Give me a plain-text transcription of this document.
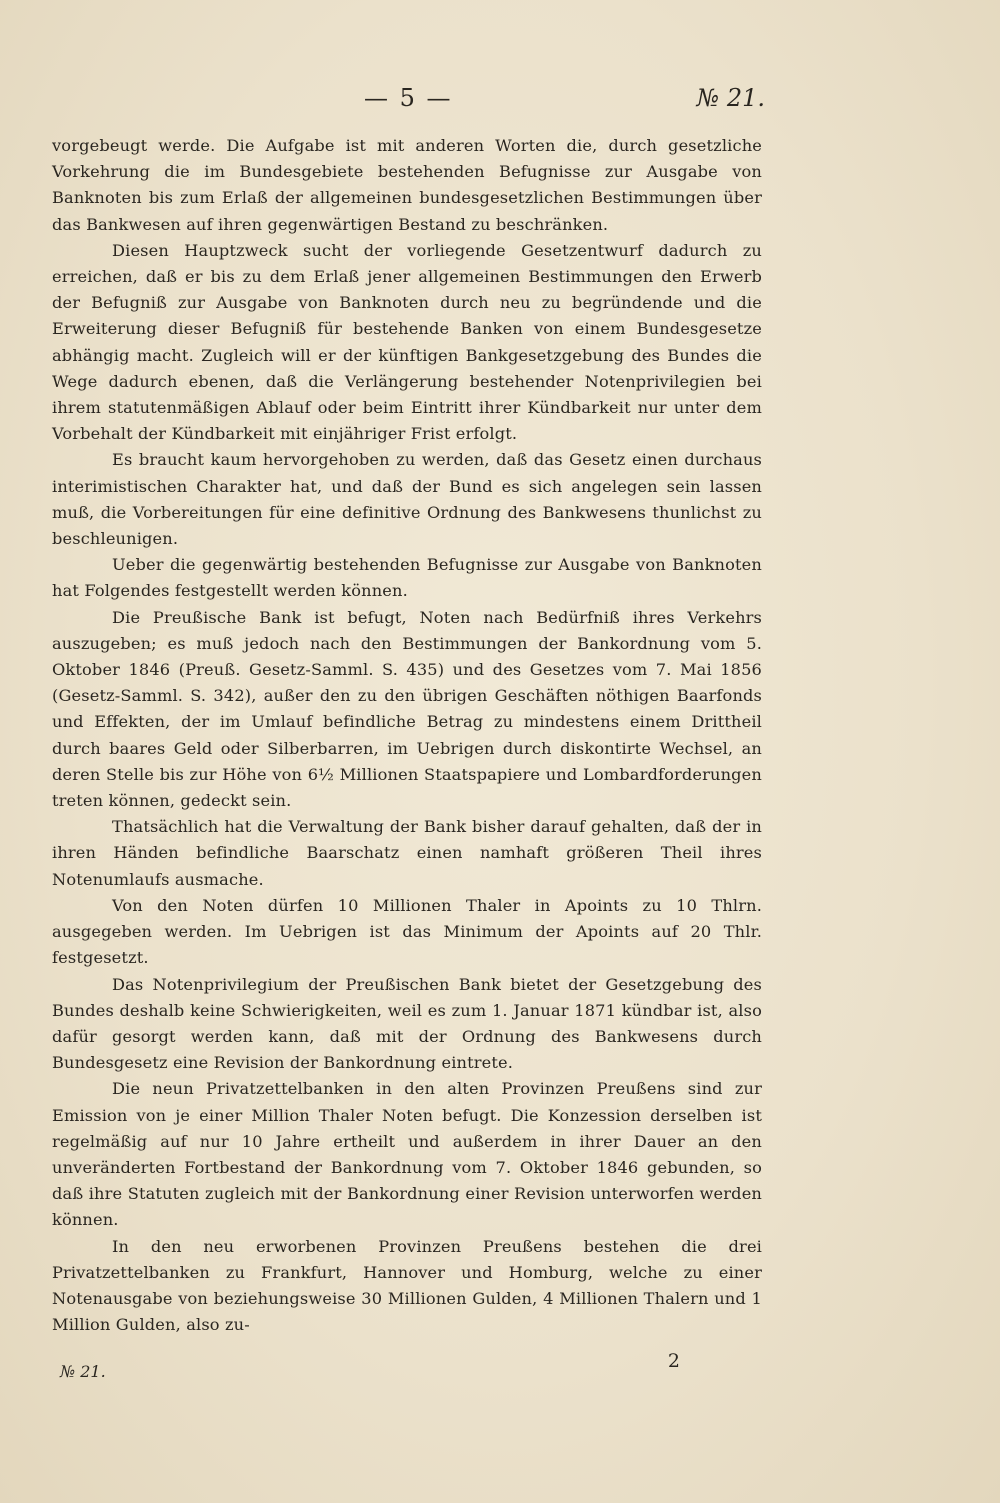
— 5 —	№ 21.

vorgebeugt werde. Die Aufgabe ist mit anderen Worten die, durch gesetzliche Vorkehrung die im Bundesgebiete bestehenden Befugnisse zur Ausgabe von Banknoten bis zum Erlaß der allgemeinen bundesgesetzlichen Bestimmungen über das Bankwesen auf ihren gegenwärtigen Bestand zu beschränken.

Diesen Hauptzweck sucht der vorliegende Gesetzentwurf dadurch zu erreichen, daß er bis zu dem Erlaß jener allgemeinen Bestimmungen den Erwerb der Befugniß zur Ausgabe von Banknoten durch neu zu begründende und die Erweiterung dieser Befugniß für bestehende Banken von einem Bundesgesetze abhängig macht. Zugleich will er der künftigen Bankgesetzgebung des Bundes die Wege dadurch ebenen, daß die Verlängerung bestehender Notenprivilegien bei ihrem statutenmäßigen Ablauf oder beim Eintritt ihrer Kündbarkeit nur unter dem Vorbehalt der Kündbarkeit mit einjähriger Frist erfolgt.

Es braucht kaum hervorgehoben zu werden, daß das Gesetz einen durchaus interimistischen Charakter hat, und daß der Bund es sich angelegen sein lassen muß, die Vorbereitungen für eine definitive Ordnung des Bankwesens thunlichst zu beschleunigen.

Ueber die gegenwärtig bestehenden Befugnisse zur Ausgabe von Banknoten hat Folgendes festgestellt werden können.

Die Preußische Bank ist befugt, Noten nach Bedürfniß ihres Verkehrs auszugeben; es muß jedoch nach den Bestimmungen der Bankordnung vom 5. Oktober 1846 (Preuß. Gesetz-Samml. S. 435) und des Gesetzes vom 7. Mai 1856 (Gesetz-Samml. S. 342), außer den zu den übrigen Geschäften nöthigen Baarfonds und Effekten, der im Umlauf befindliche Betrag zu mindestens einem Drittheil durch baares Geld oder Silberbarren, im Uebrigen durch diskontirte Wechsel, an deren Stelle bis zur Höhe von 6½ Millionen Staatspapiere und Lombardforderungen treten können, gedeckt sein.

Thatsächlich hat die Verwaltung der Bank bisher darauf gehalten, daß der in ihren Händen befindliche Baarschatz einen namhaft größeren Theil ihres Notenumlaufs ausmache.

Von den Noten dürfen 10 Millionen Thaler in Apoints zu 10 Thlrn. ausgegeben werden. Im Uebrigen ist das Minimum der Apoints auf 20 Thlr. festgesetzt.

Das Notenprivilegium der Preußischen Bank bietet der Gesetzgebung des Bundes deshalb keine Schwierigkeiten, weil es zum 1. Januar 1871 kündbar ist, also dafür gesorgt werden kann, daß mit der Ordnung des Bankwesens durch Bundesgesetz eine Revision der Bankordnung eintrete.

Die neun Privatzettelbanken in den alten Provinzen Preußens sind zur Emission von je einer Million Thaler Noten befugt. Die Konzession derselben ist regelmäßig auf nur 10 Jahre ertheilt und außerdem in ihrer Dauer an den unveränderten Fortbestand der Bankordnung vom 7. Oktober 1846 gebunden, so daß ihre Statuten zugleich mit der Bankordnung einer Revision unterworfen werden können.

In den neu erworbenen Provinzen Preußens bestehen die drei Privatzettelbanken zu Frankfurt, Hannover und Homburg, welche zu einer Notenausgabe von beziehungsweise 30 Millionen Gulden, 4 Millionen Thalern und 1 Million Gulden, also zu-

№ 21.	2
